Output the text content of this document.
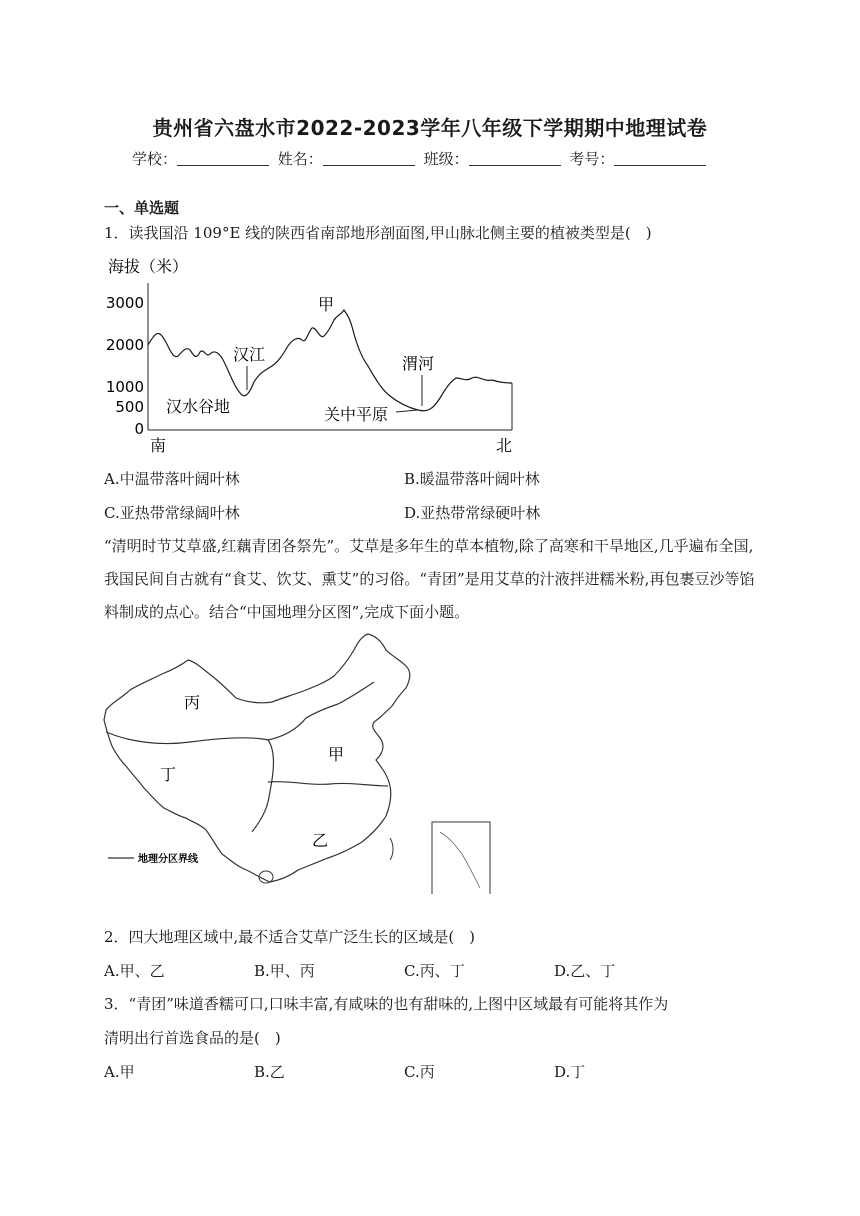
贵州省六盘水市2022-2023学年八年级下学期期中地理试卷
学校：	姓名：	班级：	考号：
一、单选题
1．读我国沿 109°E 线的陕西省南部地形剖面图,甲山脉北侧主要的植被类型是(　)
海拔（米）
3000
2000
1000
500
0
甲
汉江
汉水谷地
渭河
关中平原
南	北
A.中温带落叶阔叶林	B.暖温带落叶阔叶林
C.亚热带常绿阔叶林	D.亚热带常绿硬叶林
“清明时节艾草盛,红藕青团各祭先”。艾草是多年生的草本植物,除了高寒和干旱地区,几乎遍布全国,我国民间自古就有“食艾、饮艾、熏艾”的习俗。“青团”是用艾草的汁液拌进糯米粉,再包裹豆沙等馅料制成的点心。结合“中国地理分区图”,完成下面小题。
丙
丁
甲
乙
地理分区界线
2．四大地理区域中,最不适合艾草广泛生长的区域是(　)
A.甲、乙	B.甲、丙	C.丙、丁	D.乙、丁
3．“青团”味道香糯可口,口味丰富,有咸味的也有甜味的,上图中区域最有可能将其作为
清明出行首选食品的是(　)
A.甲	B.乙	C.丙	D.丁
